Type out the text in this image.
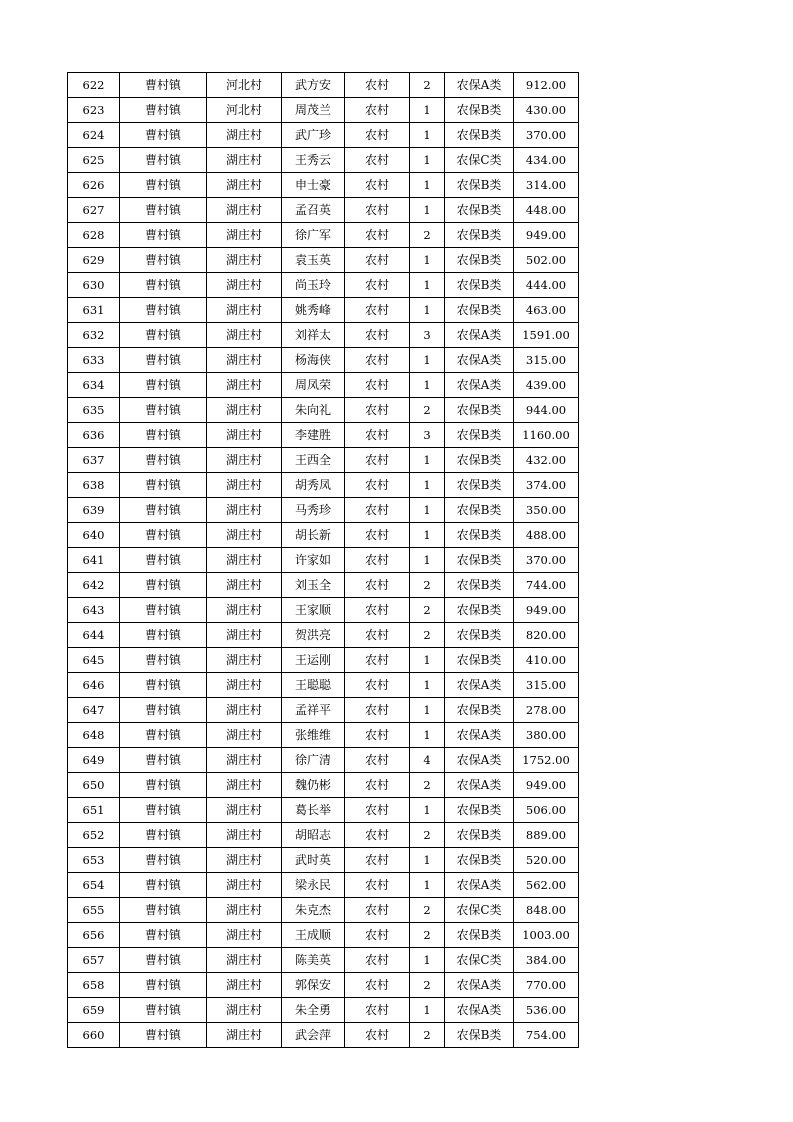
622	曹村镇	河北村	武方安	农村	2	农保A类	912.00
623	曹村镇	河北村	周茂兰	农村	1	农保B类	430.00
624	曹村镇	湖庄村	武广珍	农村	1	农保B类	370.00
625	曹村镇	湖庄村	王秀云	农村	1	农保C类	434.00
626	曹村镇	湖庄村	申士豪	农村	1	农保B类	314.00
627	曹村镇	湖庄村	孟召英	农村	1	农保B类	448.00
628	曹村镇	湖庄村	徐广军	农村	2	农保B类	949.00
629	曹村镇	湖庄村	袁玉英	农村	1	农保B类	502.00
630	曹村镇	湖庄村	尚玉玲	农村	1	农保B类	444.00
631	曹村镇	湖庄村	姚秀峰	农村	1	农保B类	463.00
632	曹村镇	湖庄村	刘祥太	农村	3	农保A类	1591.00
633	曹村镇	湖庄村	杨海侠	农村	1	农保A类	315.00
634	曹村镇	湖庄村	周凤荣	农村	1	农保A类	439.00
635	曹村镇	湖庄村	朱向礼	农村	2	农保B类	944.00
636	曹村镇	湖庄村	李建胜	农村	3	农保B类	1160.00
637	曹村镇	湖庄村	王西全	农村	1	农保B类	432.00
638	曹村镇	湖庄村	胡秀凤	农村	1	农保B类	374.00
639	曹村镇	湖庄村	马秀珍	农村	1	农保B类	350.00
640	曹村镇	湖庄村	胡长新	农村	1	农保B类	488.00
641	曹村镇	湖庄村	许家如	农村	1	农保B类	370.00
642	曹村镇	湖庄村	刘玉全	农村	2	农保B类	744.00
643	曹村镇	湖庄村	王家顺	农村	2	农保B类	949.00
644	曹村镇	湖庄村	贺洪亮	农村	2	农保B类	820.00
645	曹村镇	湖庄村	王运刚	农村	1	农保B类	410.00
646	曹村镇	湖庄村	王聪聪	农村	1	农保A类	315.00
647	曹村镇	湖庄村	孟祥平	农村	1	农保B类	278.00
648	曹村镇	湖庄村	张维维	农村	1	农保A类	380.00
649	曹村镇	湖庄村	徐广清	农村	4	农保A类	1752.00
650	曹村镇	湖庄村	魏仍彬	农村	2	农保A类	949.00
651	曹村镇	湖庄村	葛长举	农村	1	农保B类	506.00
652	曹村镇	湖庄村	胡昭志	农村	2	农保B类	889.00
653	曹村镇	湖庄村	武时英	农村	1	农保B类	520.00
654	曹村镇	湖庄村	梁永民	农村	1	农保A类	562.00
655	曹村镇	湖庄村	朱克杰	农村	2	农保C类	848.00
656	曹村镇	湖庄村	王成顺	农村	2	农保B类	1003.00
657	曹村镇	湖庄村	陈美英	农村	1	农保C类	384.00
658	曹村镇	湖庄村	郭保安	农村	2	农保A类	770.00
659	曹村镇	湖庄村	朱全勇	农村	1	农保A类	536.00
660	曹村镇	湖庄村	武会萍	农村	2	农保B类	754.00
